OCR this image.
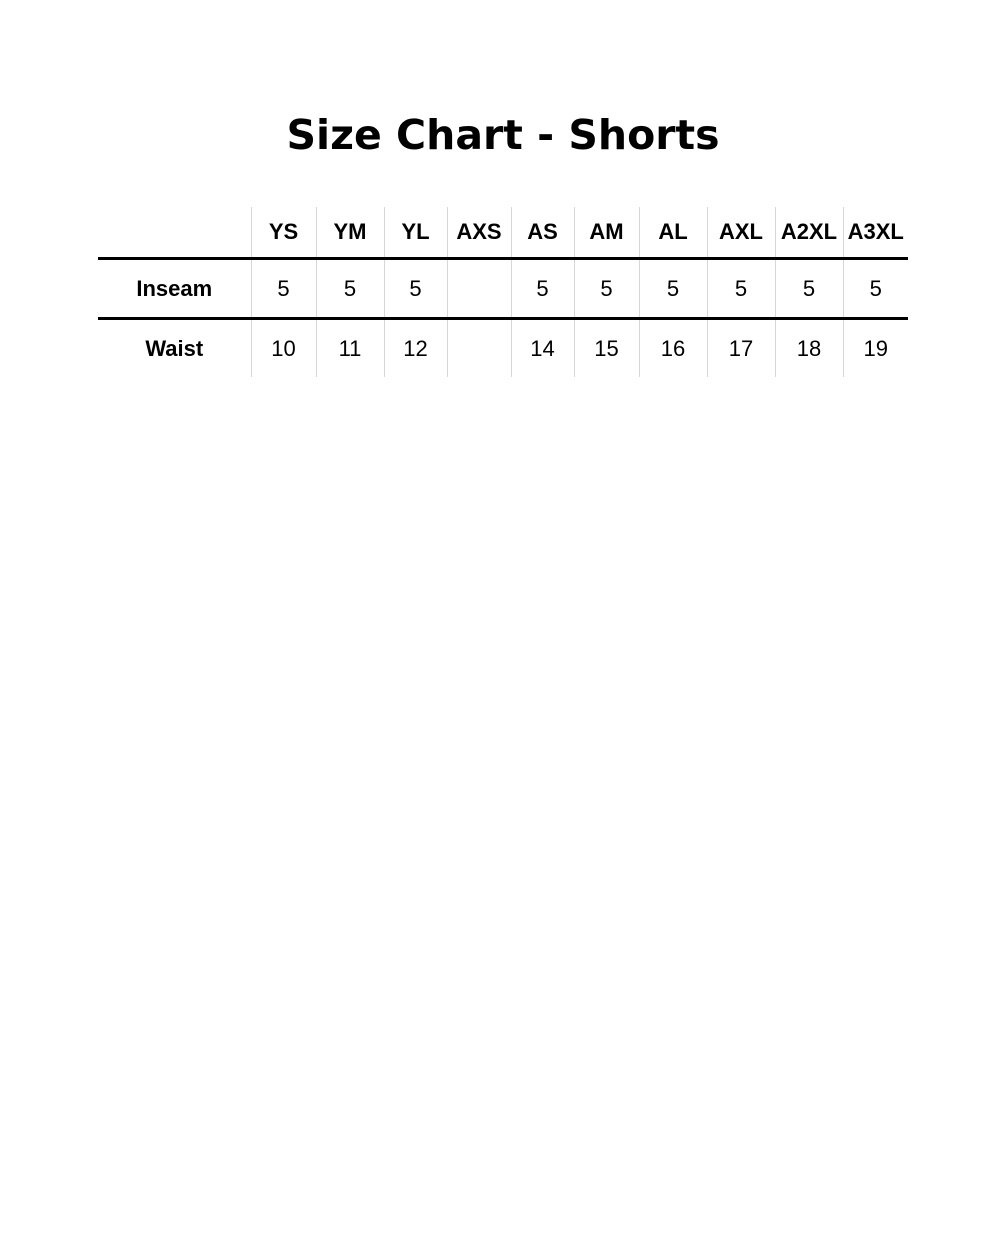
Size Chart - Shorts
	YS	YM	YL	AXS	AS	AM	AL	AXL	A2XL	A3XL
Inseam	5	5	5		5	5	5	5	5	5
Waist	10	11	12		14	15	16	17	18	19
